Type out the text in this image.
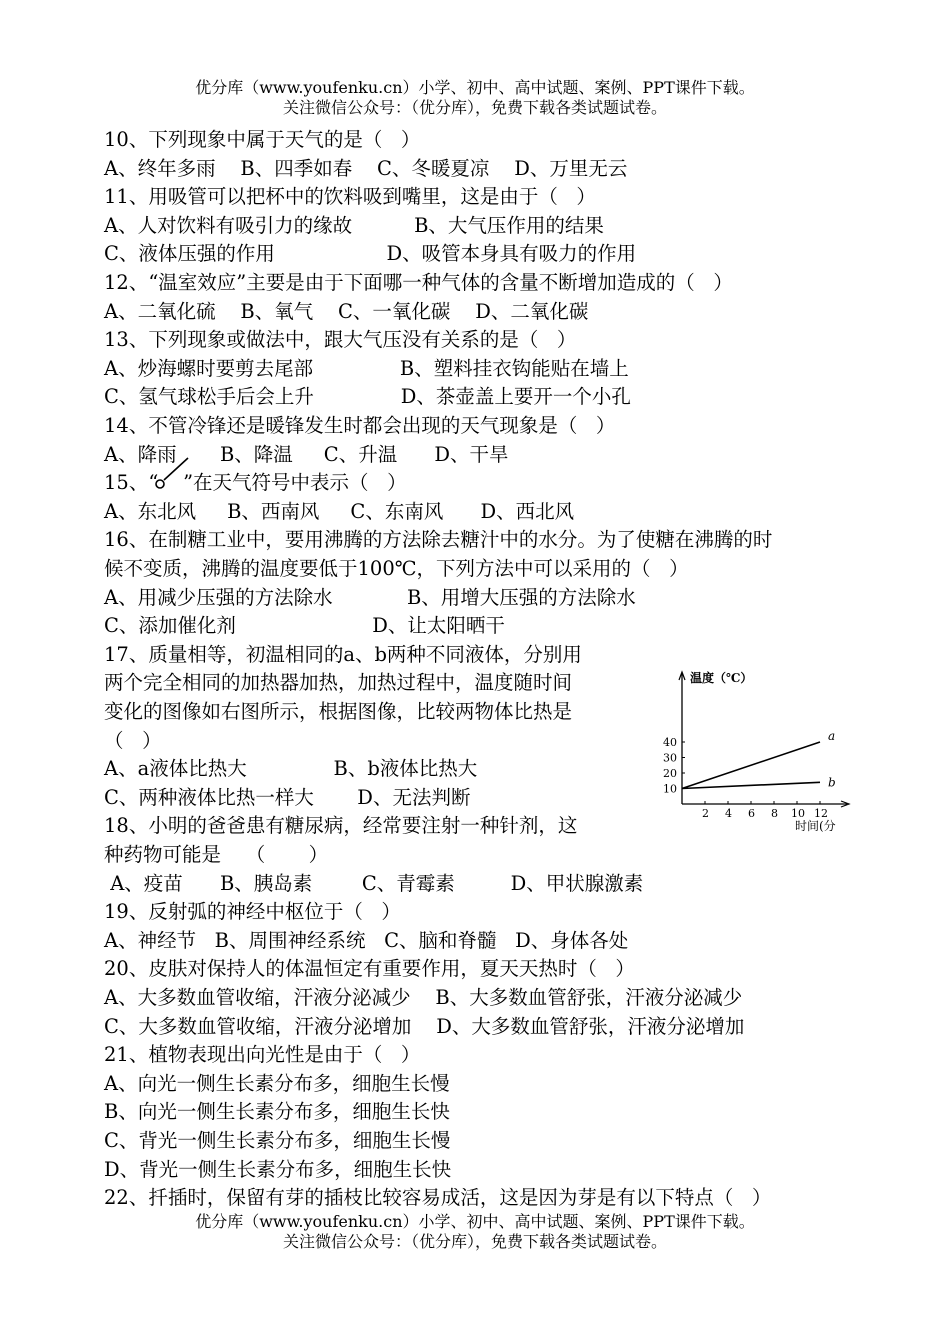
优分库（www.youfenku.cn）小学、初中、高中试题、案例、PPT课件下载。
关注微信公众号：（优分库），免费下载各类试题试卷。
10、下列现象中属于天气的是（   ）
A、终年多雨    B、四季如春    C、冬暖夏凉    D、万里无云
11、用吸管可以把杯中的饮料吸到嘴里，这是由于（   ）
A、人对饮料有吸引力的缘故          B、大气压作用的结果
C、液体压强的作用                  D、吸管本身具有吸力的作用
12、“温室效应”主要是由于下面哪一种气体的含量不断增加造成的（   ）
A、二氧化硫    B、氧气    C、一氧化碳    D、二氧化碳
13、下列现象或做法中，跟大气压没有关系的是（   ）
A、炒海螺时要剪去尾部              B、塑料挂衣钩能贴在墙上
C、氢气球松手后会上升              D、茶壶盖上要开一个小孔
14、不管冷锋还是暖锋发生时都会出现的天气现象是（   ）
A、降雨       B、降温     C、升温      D、干旱
15、“    ”在天气符号中表示（   ）
A、东北风     B、西南风     C、东南风      D、西北风
16、在制糖工业中，要用沸腾的方法除去糖汁中的水分。为了使糖在沸腾的时
候不变质，沸腾的温度要低于100℃，下列方法中可以采用的（   ）
A、用减少压强的方法除水            B、用增大压强的方法除水
C、添加催化剂                      D、让太阳晒干
17、质量相等，初温相同的a、b两种不同液体，分别用
两个完全相同的加热器加热，加热过程中，温度随时间
变化的图像如右图所示，根据图像，比较两物体比热是
（   ）
A、a液体比热大              B、b液体比热大
C、两种液体比热一样大       D、无法判断
18、小明的爸爸患有糖尿病，经常要注射一种针剂，这
种药物可能是    （       ）
A、疫苗      B、胰岛素        C、青霉素         D、甲状腺激素
19、反射弧的神经中枢位于（   ）
A、神经节   B、周围神经系统   C、脑和脊髓   D、身体各处
20、皮肤对保持人的体温恒定有重要作用，夏天天热时（   ）
A、大多数血管收缩，汗液分泌减少    B、大多数血管舒张，汗液分泌减少
C、大多数血管收缩，汗液分泌增加    D、大多数血管舒张，汗液分泌增加
21、植物表现出向光性是由于（   ）
A、向光一侧生长素分布多，细胞生长慢
B、向光一侧生长素分布多，细胞生长快
C、背光一侧生长素分布多，细胞生长慢
D、背光一侧生长素分布多，细胞生长快
22、扦插时，保留有芽的插枝比较容易成活，这是因为芽是有以下特点（   ）
温度（℃）
时间(分
10
20
30
40
2 4 6 8 10 12
a
b
优分库（www.youfenku.cn）小学、初中、高中试题、案例、PPT课件下载。
关注微信公众号：（优分库），免费下载各类试题试卷。
